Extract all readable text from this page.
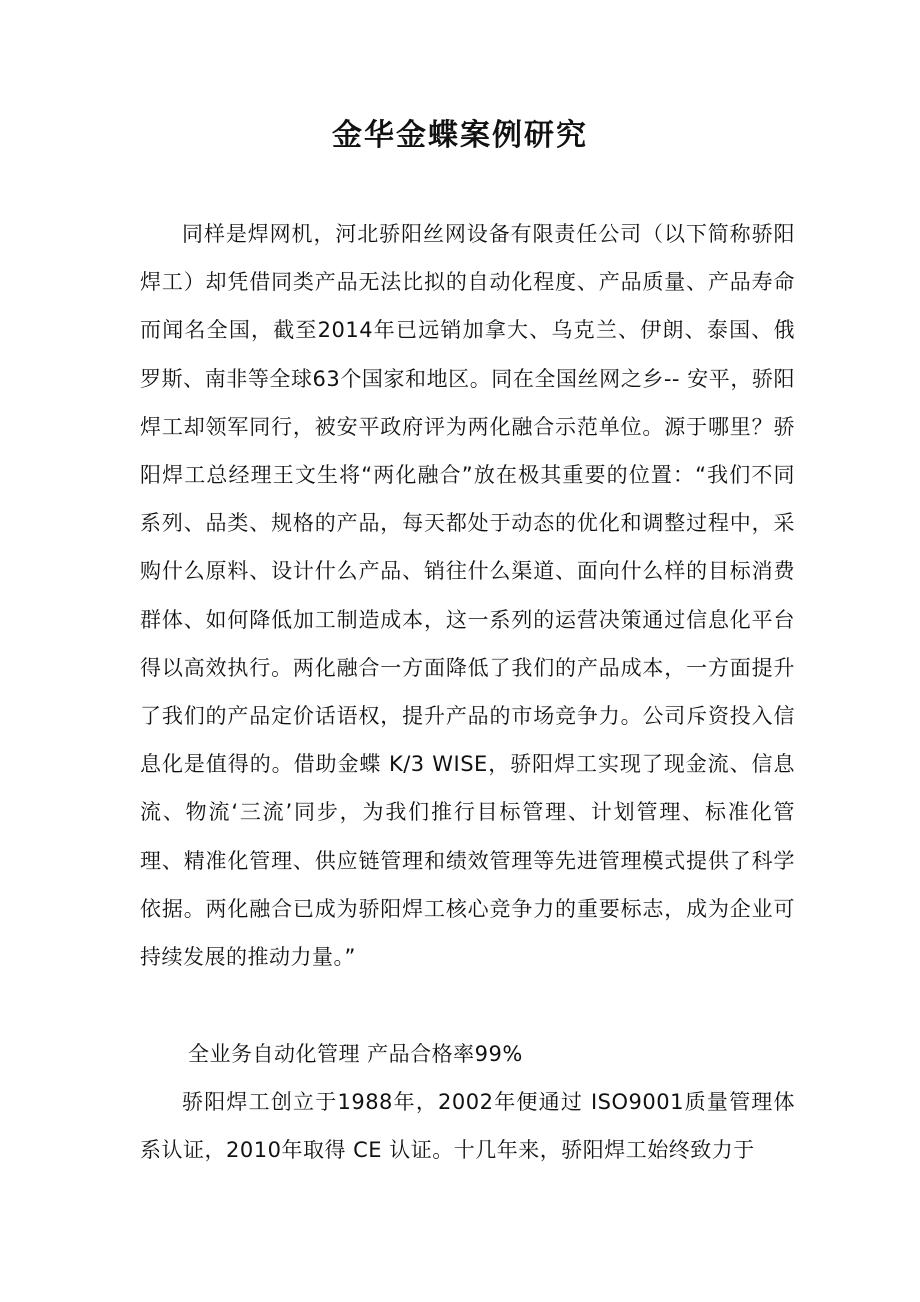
金华金蝶案例研究

同样是焊网机，河北骄阳丝网设备有限责任公司（以下简称骄阳焊工）却凭借同类产品无法比拟的自动化程度、产品质量、产品寿命而闻名全国，截至2014年已远销加拿大、乌克兰、伊朗、泰国、俄罗斯、南非等全球63个国家和地区。同在全国丝网之乡-- 安平，骄阳焊工却领军同行，被安平政府评为两化融合示范单位。源于哪里？骄阳焊工总经理王文生将“两化融合”放在极其重要的位置：“我们不同系列、品类、规格的产品，每天都处于动态的优化和调整过程中，采购什么原料、设计什么产品、销往什么渠道、面向什么样的目标消费群体、如何降低加工制造成本，这一系列的运营决策通过信息化平台得以高效执行。两化融合一方面降低了我们的产品成本，一方面提升了我们的产品定价话语权，提升产品的市场竞争力。公司斥资投入信息化是值得的。借助金蝶 K/3 WISE，骄阳焊工实现了现金流、信息流、物流‘三流’同步，为我们推行目标管理、计划管理、标准化管理、精准化管理、供应链管理和绩效管理等先进管理模式提供了科学依据。两化融合已成为骄阳焊工核心竞争力的重要标志，成为企业可持续发展的推动力量。”

全业务自动化管理 产品合格率99%

骄阳焊工创立于1988年，2002年便通过 ISO9001质量管理体系认证，2010年取得 CE 认证。十几年来，骄阳焊工始终致力于
